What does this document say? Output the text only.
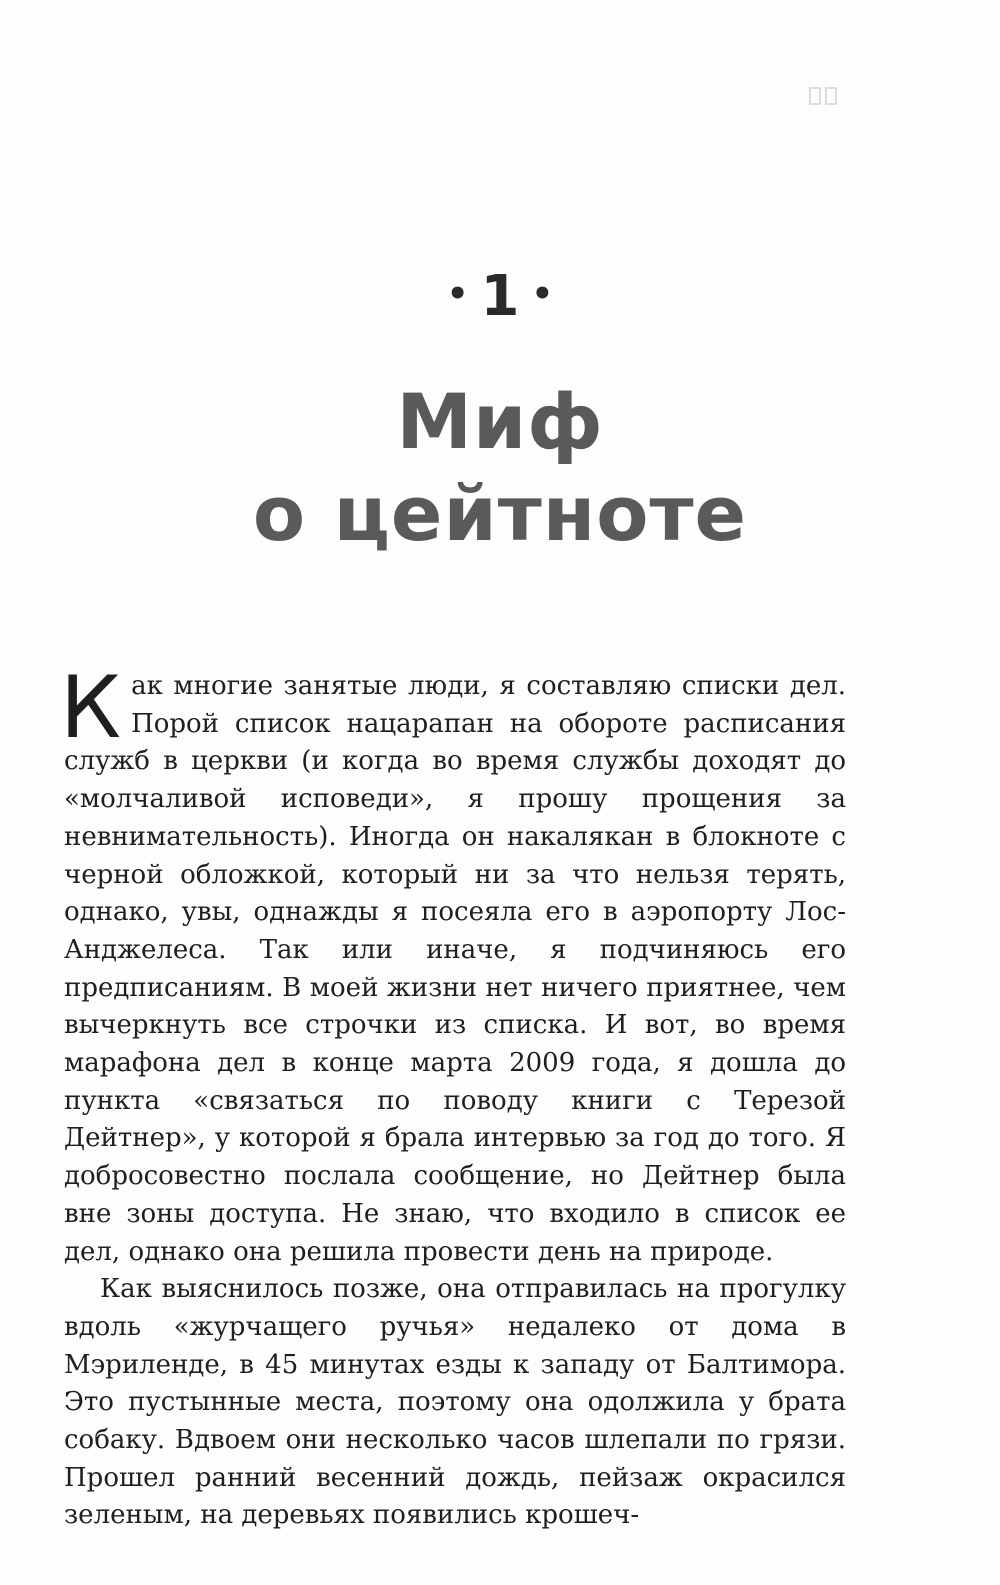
• 1 •
Миф
о цейтноте

Как многие занятые люди, я составляю списки дел. Порой список нацарапан на обороте расписания служб в церкви (и когда во время службы доходят до «молчаливой исповеди», я прошу прощения за невнимательность). Иногда он накалякан в блокноте с черной обложкой, который ни за что нельзя терять, однако, увы, однажды я посеяла его в аэропорту Лос-Анджелеса. Так или иначе, я подчиняюсь его предписаниям. В моей жизни нет ничего приятнее, чем вычеркнуть все строчки из списка. И вот, во время марафона дел в конце марта 2009 года, я дошла до пункта «связаться по поводу книги с Терезой Дейтнер», у которой я брала интервью за год до того. Я добросовестно послала сообщение, но Дейтнер была вне зоны доступа. Не знаю, что входило в список ее дел, однако она решила провести день на природе.

Как выяснилось позже, она отправилась на прогулку вдоль «журчащего ручья» недалеко от дома в Мэриленде, в 45 минутах езды к западу от Балтимора. Это пустынные места, поэтому она одолжила у брата собаку. Вдвоем они несколько часов шлепали по грязи. Прошел ранний весенний дождь, пейзаж окрасился зеленым, на деревьях появились крошеч-
